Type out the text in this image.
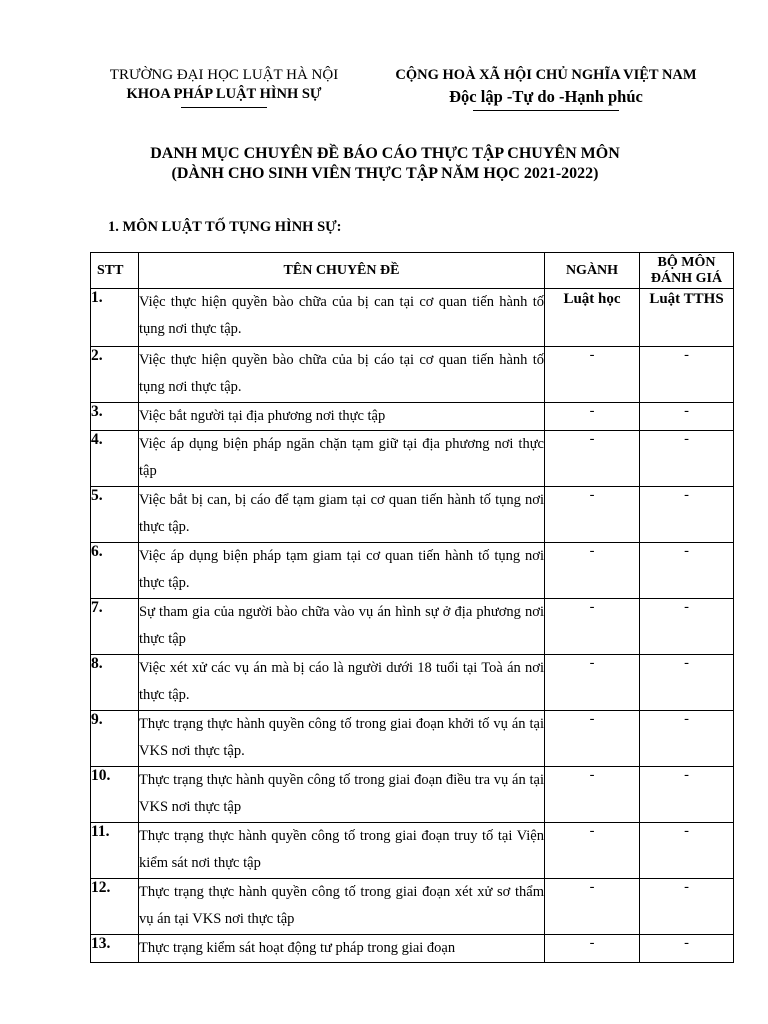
TRƯỜNG ĐẠI HỌC LUẬT HÀ NỘI
KHOA PHÁP LUẬT HÌNH SỰ
CỘNG HOÀ XÃ HỘI CHỦ NGHĨA VIỆT NAM
Độc lập -Tự do -Hạnh phúc
DANH MỤC CHUYÊN ĐỀ BÁO CÁO THỰC TẬP CHUYÊN MÔN
(DÀNH CHO SINH VIÊN THỰC TẬP NĂM HỌC 2021-2022)
1. MÔN LUẬT TỐ TỤNG HÌNH SỰ:
STT	TÊN CHUYÊN ĐỀ	NGÀNH	BỘ MÔN ĐÁNH GIÁ
1.	Việc thực hiện quyền bào chữa của bị can tại cơ quan tiến hành tố tụng nơi thực tập.	Luật học	Luật TTHS
2.	Việc thực hiện quyền bào chữa của bị cáo tại cơ quan tiến hành tố tụng nơi thực tập.	-	-
3.	Việc bắt người tại địa phương nơi thực tập	-	-
4.	Việc áp dụng biện pháp ngăn chặn tạm giữ tại địa phương nơi thực tập	-	-
5.	Việc bắt bị can, bị cáo để tạm giam tại cơ quan tiến hành tố tụng nơi thực tập.	-	-
6.	Việc áp dụng biện pháp tạm giam tại cơ quan tiến hành tố tụng nơi thực tập.	-	-
7.	Sự tham gia của người bào chữa vào vụ án hình sự ở địa phương nơi thực tập	-	-
8.	Việc xét xử các vụ án mà bị cáo là người dưới 18 tuổi tại Toà án nơi thực tập.	-	-
9.	Thực trạng thực hành quyền công tố trong giai đoạn khởi tố vụ án tại VKS nơi thực tập.	-	-
10.	Thực trạng thực hành quyền công tố trong giai đoạn điều tra vụ án tại VKS nơi thực tập	-	-
11.	Thực trạng thực hành quyền công tố trong giai đoạn truy tố tại Viện kiểm sát nơi thực tập	-	-
12.	Thực trạng thực hành quyền công tố trong giai đoạn xét xử sơ thẩm vụ án tại VKS nơi thực tập	-	-
13.	Thực trạng kiểm sát hoạt động tư pháp trong giai đoạn	-	-
